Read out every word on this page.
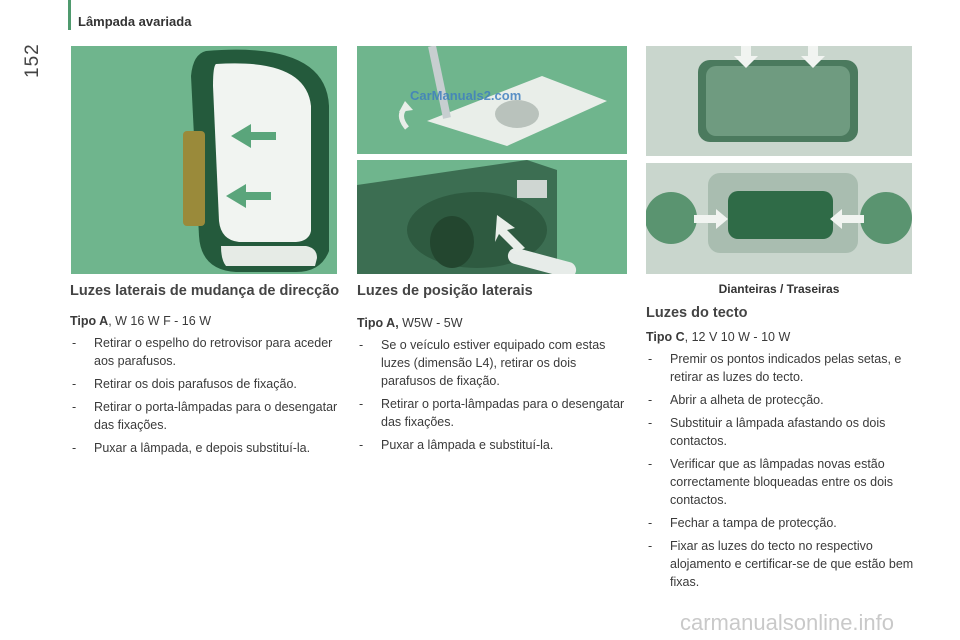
Lâmpada avariada
152
CarManuals2.com
Dianteiras / Traseiras
Luzes laterais de mudança de direcção
Tipo A, W 16 W F - 16 W
- Retirar o espelho do retrovisor para aceder aos parafusos.
- Retirar os dois parafusos de fixação.
- Retirar o porta-lâmpadas para o desengatar das fixações.
- Puxar a lâmpada, e depois substituí-la.
Luzes de posição laterais
Tipo A, W5W - 5W
- Se o veículo estiver equipado com estas luzes (dimensão L4), retirar os dois parafusos de fixação.
- Retirar o porta-lâmpadas para o desengatar das fixações.
- Puxar a lâmpada e substituí-la.
Luzes do tecto
Tipo C, 12 V 10 W - 10 W
- Premir os pontos indicados pelas setas, e retirar as luzes do tecto.
- Abrir a alheta de protecção.
- Substituir a lâmpada afastando os dois contactos.
- Verificar que as lâmpadas novas estão correctamente bloqueadas entre os dois contactos.
- Fechar a tampa de protecção.
- Fixar as luzes do tecto no respectivo alojamento e certificar-se de que estão bem fixas.
carmanualsonline.info
